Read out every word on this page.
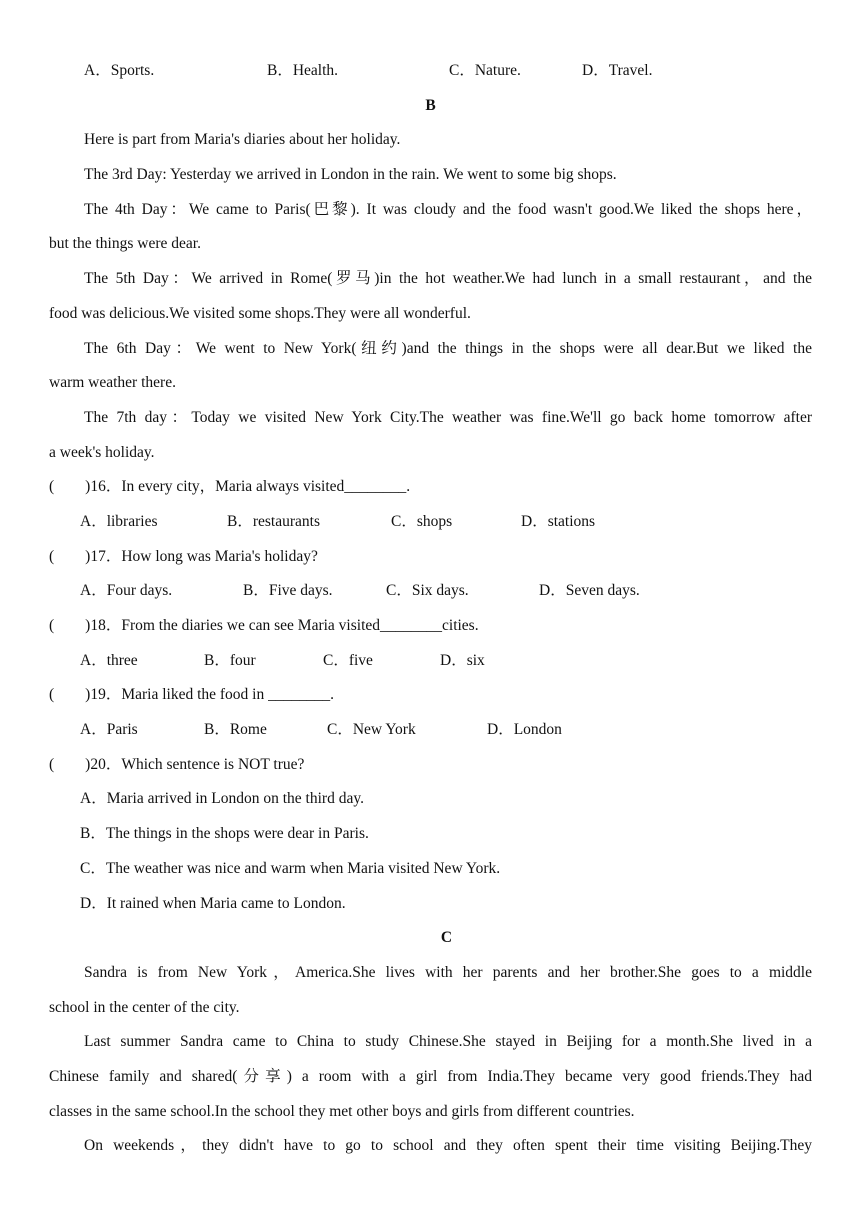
A．Sports.	B．Health.	C．Nature.	D．Travel.
B
Here is part from Maria's diaries about her holiday.
The 3rd Day: Yesterday we arrived in London in the rain. We went to some big shops.
The 4th Day：We came to Paris(巴黎). It was cloudy and the food wasn't good.We liked the shops here，
but the things were dear.
The 5th Day：We arrived in Rome(罗马)in the hot weather.We had lunch in a small restaurant，and the
food was delicious.We visited some shops.They were all wonderful.
The 6th Day：We went to New York(纽约)and the things in the shops were all dear.But we liked the
warm weather there.
The 7th day：Today we visited New York City.The weather was fine.We'll go back home tomorrow after
a week's holiday.
(　　)16．In every city，Maria always visited________.
A．libraries	B．restaurants	C．shops	D．stations
(　　)17．How long was Maria's holiday?
A．Four days.	B．Five days.	C．Six days.	D．Seven days.
(　　)18．From the diaries we can see Maria visited________cities.
A．three	B．four	C．five	D．six
(　　)19．Maria liked the food in ________.
A．Paris	B．Rome	C．New York	D．London
(　　)20．Which sentence is NOT true?
A．Maria arrived in London on the third day.
B．The things in the shops were dear in Paris.
C．The weather was nice and warm when Maria visited New York.
D．It rained when Maria came to London.
C
Sandra is from New York，America.She lives with her parents and her brother.She goes to a middle
school in the center of the city.
Last summer Sandra came to China to study Chinese.She stayed in Beijing for a month.She lived in a
Chinese family and shared(分享) a room with a girl from India.They became very good friends.They had
classes in the same school.In the school they met other boys and girls from different countries.
On weekends，they didn't have to go to school and they often spent their time visiting Beijing.They
